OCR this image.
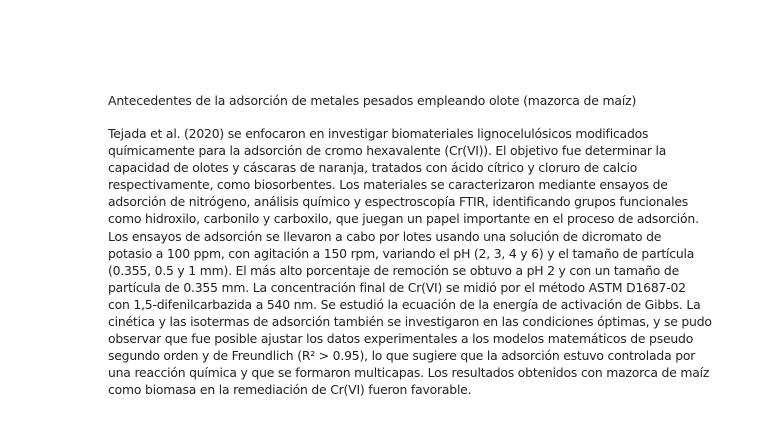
Antecedentes de la adsorción de metales pesados empleando olote (mazorca de maíz)
Tejada et al. (2020) se enfocaron en investigar biomateriales lignocelulósicos modificados
químicamente para la adsorción de cromo hexavalente (Cr(VI)). El objetivo fue determinar la
capacidad de olotes y cáscaras de naranja, tratados con ácido cítrico y cloruro de calcio
respectivamente, como biosorbentes. Los materiales se caracterizaron mediante ensayos de
adsorción de nitrógeno, análisis químico y espectroscopía FTIR, identificando grupos funcionales
como hidroxilo, carbonilo y carboxilo, que juegan un papel importante en el proceso de adsorción.
Los ensayos de adsorción se llevaron a cabo por lotes usando una solución de dicromato de
potasio a 100 ppm, con agitación a 150 rpm, variando el pH (2, 3, 4 y 6) y el tamaño de partícula
(0.355, 0.5 y 1 mm). El más alto porcentaje de remoción se obtuvo a pH 2 y con un tamaño de
partícula de 0.355 mm. La concentración final de Cr(VI) se midió por el método ASTM D1687-02
con 1,5-difenilcarbazida a 540 nm. Se estudió la ecuación de la energía de activación de Gibbs. La
cinética y las isotermas de adsorción también se investigaron en las condiciones óptimas, y se pudo
observar que fue posible ajustar los datos experimentales a los modelos matemáticos de pseudo
segundo orden y de Freundlich (R² > 0.95), lo que sugiere que la adsorción estuvo controlada por
una reacción química y que se formaron multicapas. Los resultados obtenidos con mazorca de maíz
como biomasa en la remediación de Cr(VI) fueron favorable.
